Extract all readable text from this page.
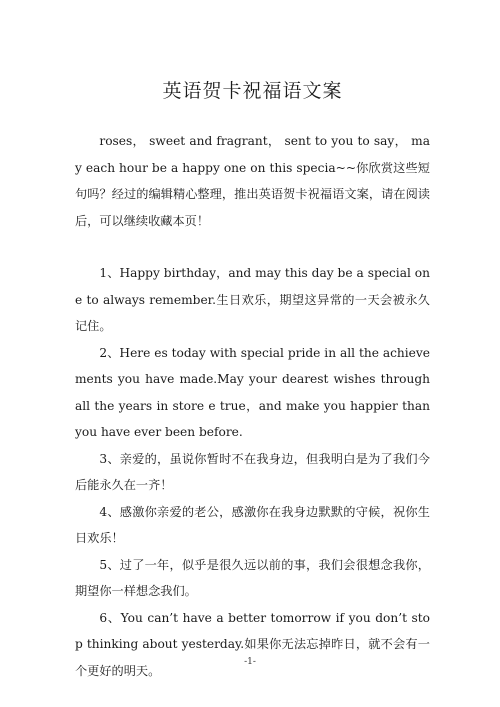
英语贺卡祝福语文案

roses， sweet and fragrant， sent to you to say， may each hour be a happy one on this specia~~你欣赏这些短句吗？经过的编辑精心整理，推出英语贺卡祝福语文案，请在阅读后，可以继续收藏本页！

1、Happy birthday，and may this day be a special one to always remember.生日欢乐，期望这异常的一天会被永久记住。

2、Here es today with special pride in all the achievements you have made.May your dearest wishes through all the years in store e true，and make you happier than you have ever been before.

3、亲爱的，虽说你暂时不在我身边，但我明白是为了我们今后能永久在一齐！

4、感激你亲爱的老公，感激你在我身边默默的守候，祝你生日欢乐！

5、过了一年，似乎是很久远以前的事，我们会很想念我你，期望你一样想念我们。

6、You can’t have a better tomorrow if you don’t stop thinking about yesterday.如果你无法忘掉昨日，就不会有一个更好的明天。

-1-
